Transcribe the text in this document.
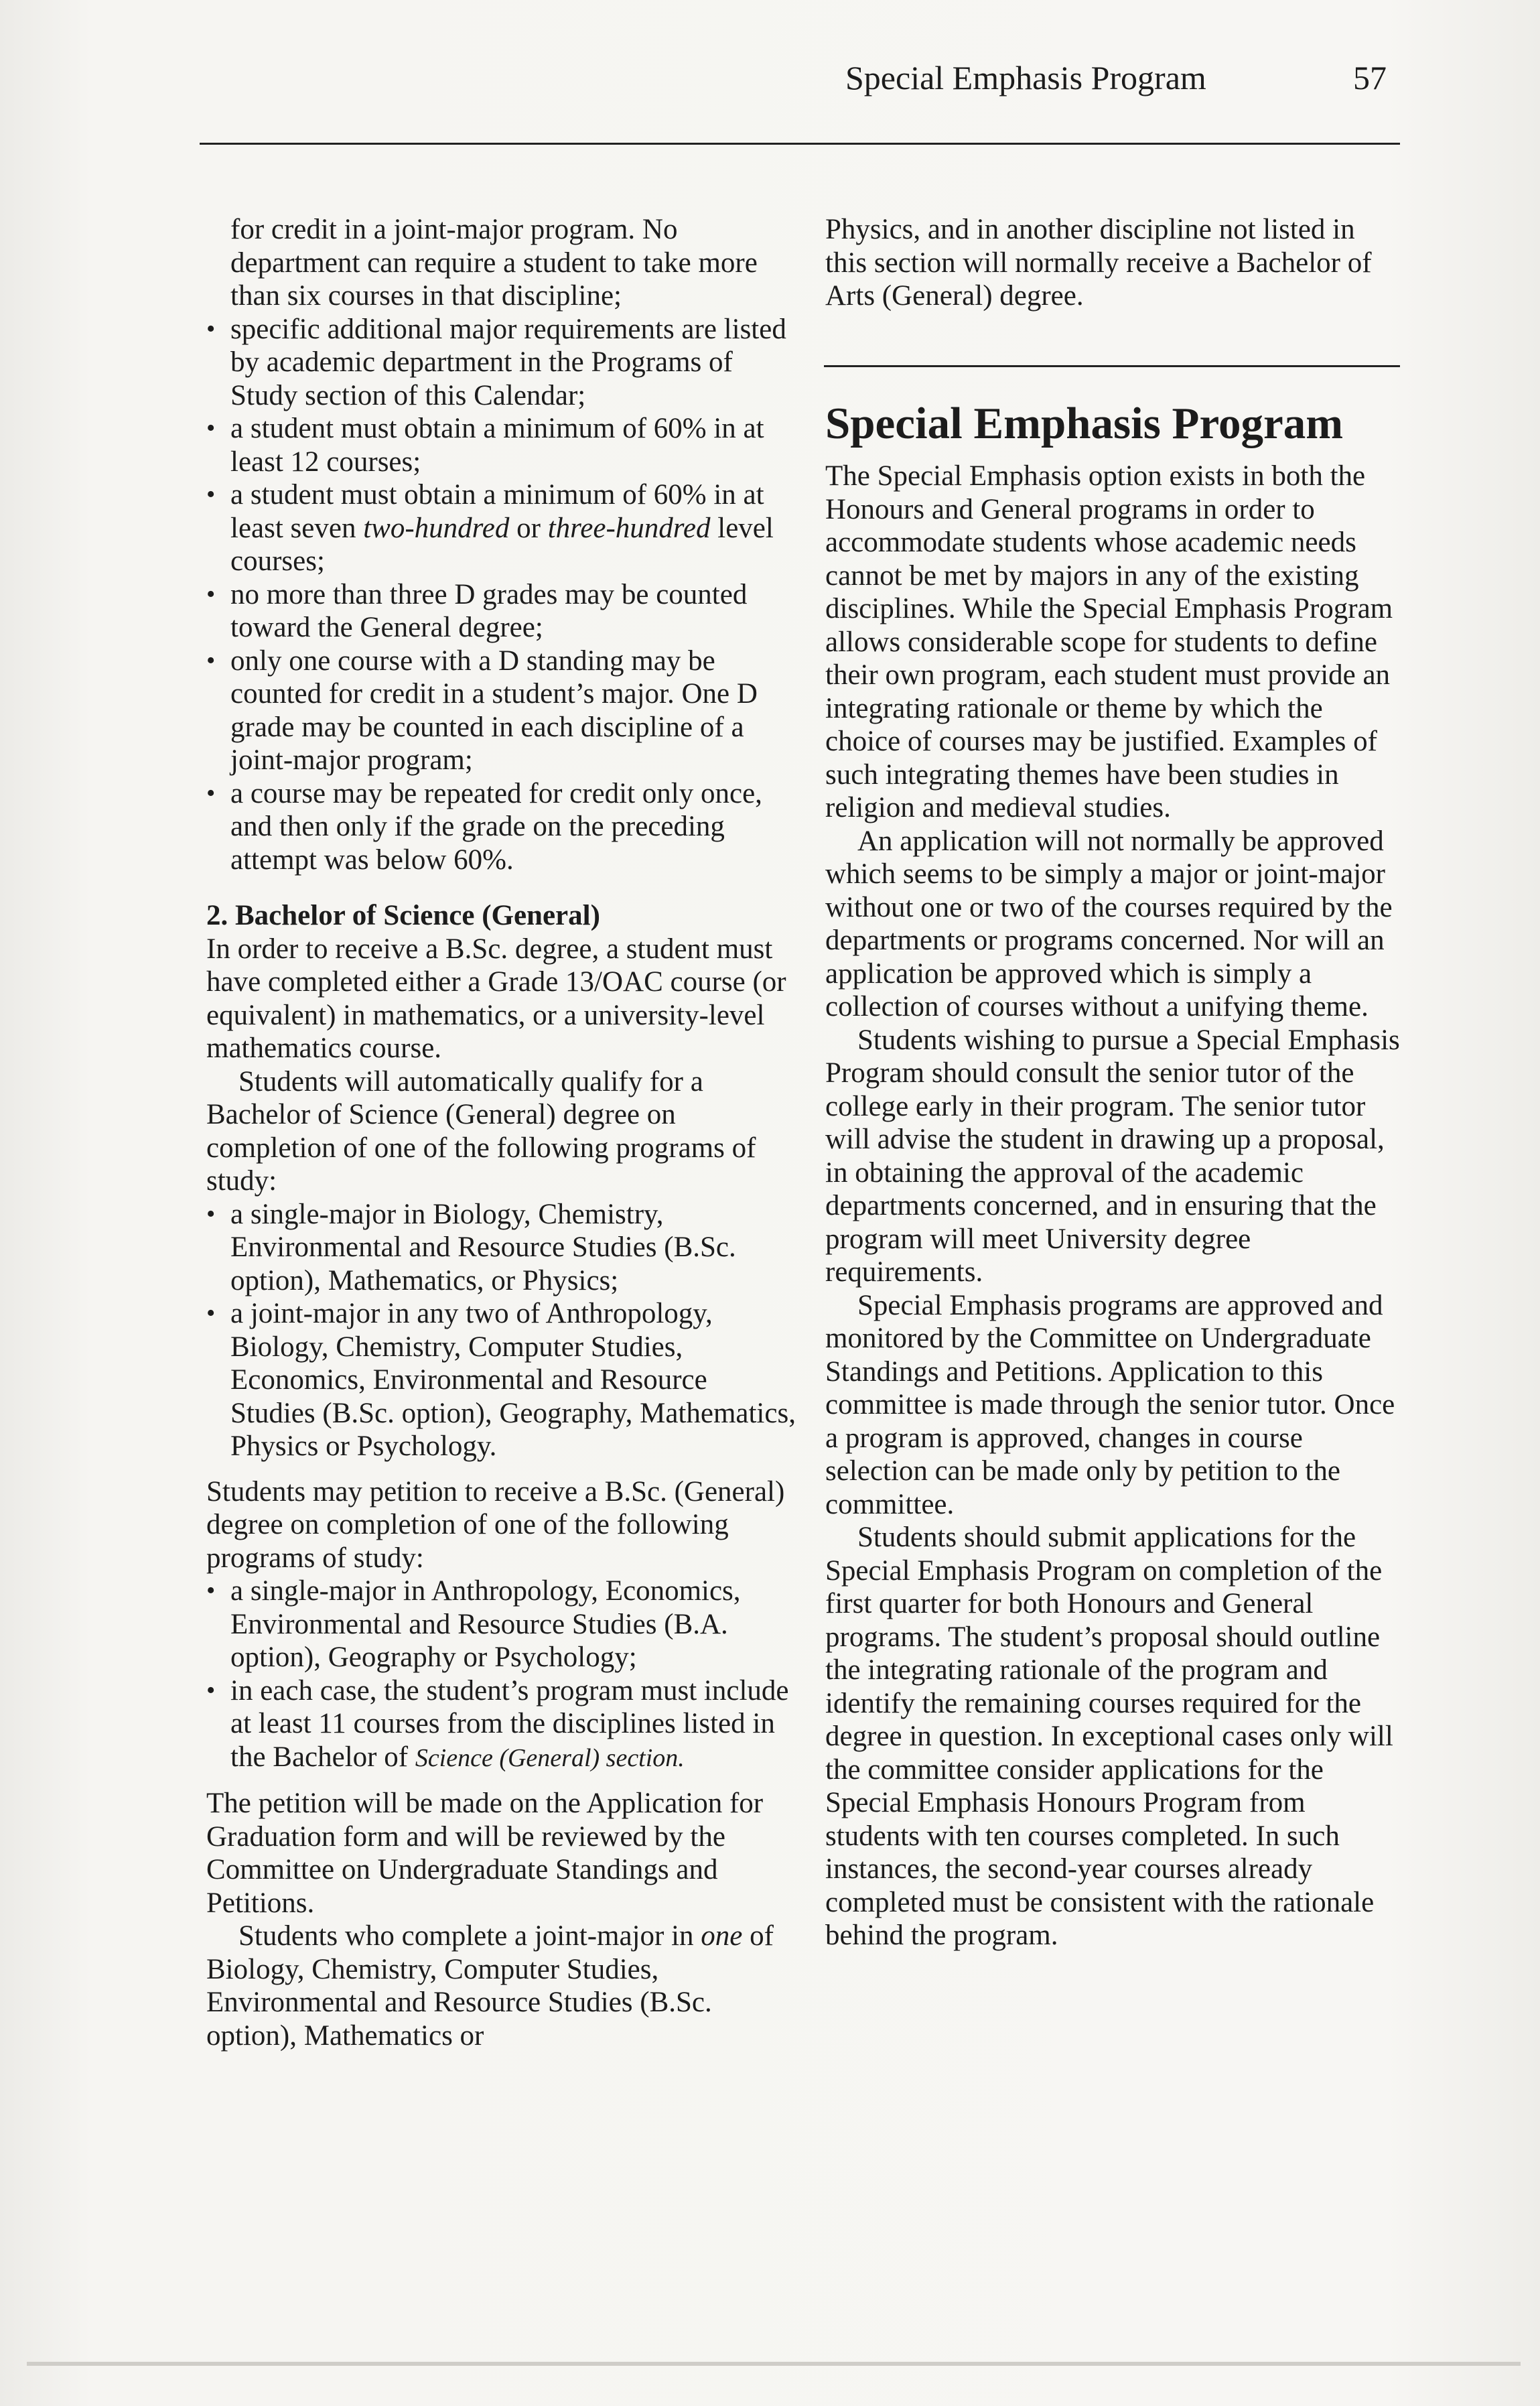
Special Emphasis Program	57

for credit in a joint-major program. No department can require a student to take more than six courses in that discipline;

• specific additional major requirements are listed by academic department in the Programs of Study section of this Calendar;
• a student must obtain a minimum of 60% in at least 12 courses;
• a student must obtain a minimum of 60% in at least seven two-hundred or three-hundred level courses;
• no more than three D grades may be counted toward the General degree;
• only one course with a D standing may be counted for credit in a student’s major. One D grade may be counted in each discipline of a joint-major program;
• a course may be repeated for credit only once, and then only if the grade on the preceding attempt was below 60%.

2. Bachelor of Science (General)

In order to receive a B.Sc. degree, a student must have completed either a Grade 13/OAC course (or equivalent) in mathematics, or a university-level mathematics course.

Students will automatically qualify for a Bachelor of Science (General) degree on completion of one of the following programs of study:

• a single-major in Biology, Chemistry, Environmental and Resource Studies (B.Sc. option), Mathematics, or Physics;
• a joint-major in any two of Anthropology, Biology, Chemistry, Computer Studies, Economics, Environmental and Resource Studies (B.Sc. option), Geography, Mathematics, Physics or Psychology.

Students may petition to receive a B.Sc. (General) degree on completion of one of the following programs of study:

• a single-major in Anthropology, Economics, Environmental and Resource Studies (B.A. option), Geography or Psychology;
• in each case, the student’s program must include at least 11 courses from the disciplines listed in the Bachelor of Science (General) section.

The petition will be made on the Application for Graduation form and will be reviewed by the Committee on Undergraduate Standings and Petitions.

Students who complete a joint-major in one of Biology, Chemistry, Computer Studies, Environmental and Resource Studies (B.Sc. option), Mathematics or

Physics, and in another discipline not listed in this section will normally receive a Bachelor of Arts (General) degree.

Special Emphasis Program

The Special Emphasis option exists in both the Honours and General programs in order to accommodate students whose academic needs cannot be met by majors in any of the existing disciplines. While the Special Emphasis Program allows considerable scope for students to define their own program, each student must provide an integrating rationale or theme by which the choice of courses may be justified. Examples of such integrating themes have been studies in religion and medieval studies.

An application will not normally be approved which seems to be simply a major or joint-major without one or two of the courses required by the departments or programs concerned. Nor will an application be approved which is simply a collection of courses without a unifying theme.

Students wishing to pursue a Special Emphasis Program should consult the senior tutor of the college early in their program. The senior tutor will advise the student in drawing up a proposal, in obtaining the approval of the academic departments concerned, and in ensuring that the program will meet University degree requirements.

Special Emphasis programs are approved and monitored by the Committee on Undergraduate Standings and Petitions. Application to this committee is made through the senior tutor. Once a program is approved, changes in course selection can be made only by petition to the committee.

Students should submit applications for the Special Emphasis Program on completion of the first quarter for both Honours and General programs. The student’s proposal should outline the integrating rationale of the program and identify the remaining courses required for the degree in question. In exceptional cases only will the committee consider applications for the Special Emphasis Honours Program from students with ten courses completed. In such instances, the second-year courses already completed must be consistent with the rationale behind the program.
